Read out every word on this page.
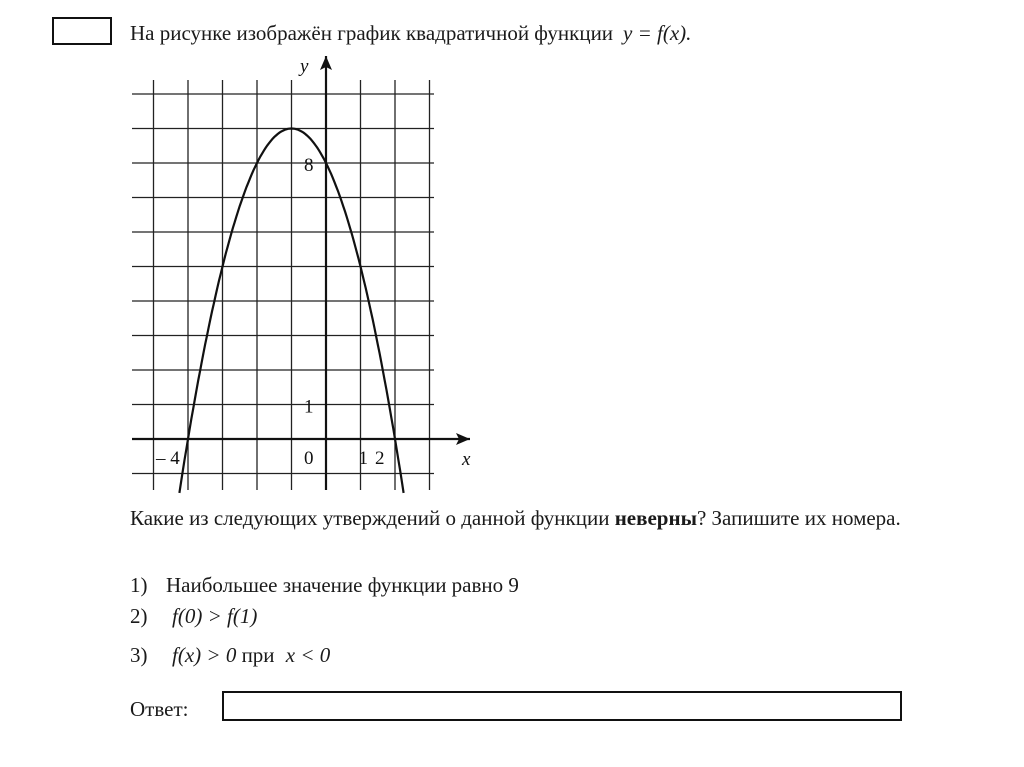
На рисунке изображён график квадратичной функции y = f(x).
– 4	0 1 2
1
8
x
y
Какие из следующих утверждений о данной функции неверны? Запишите их номера.
1) Наибольшее значение функции равно 9
2) f(0) > f(1)
3) f(x) > 0 при x < 0
Ответ:
